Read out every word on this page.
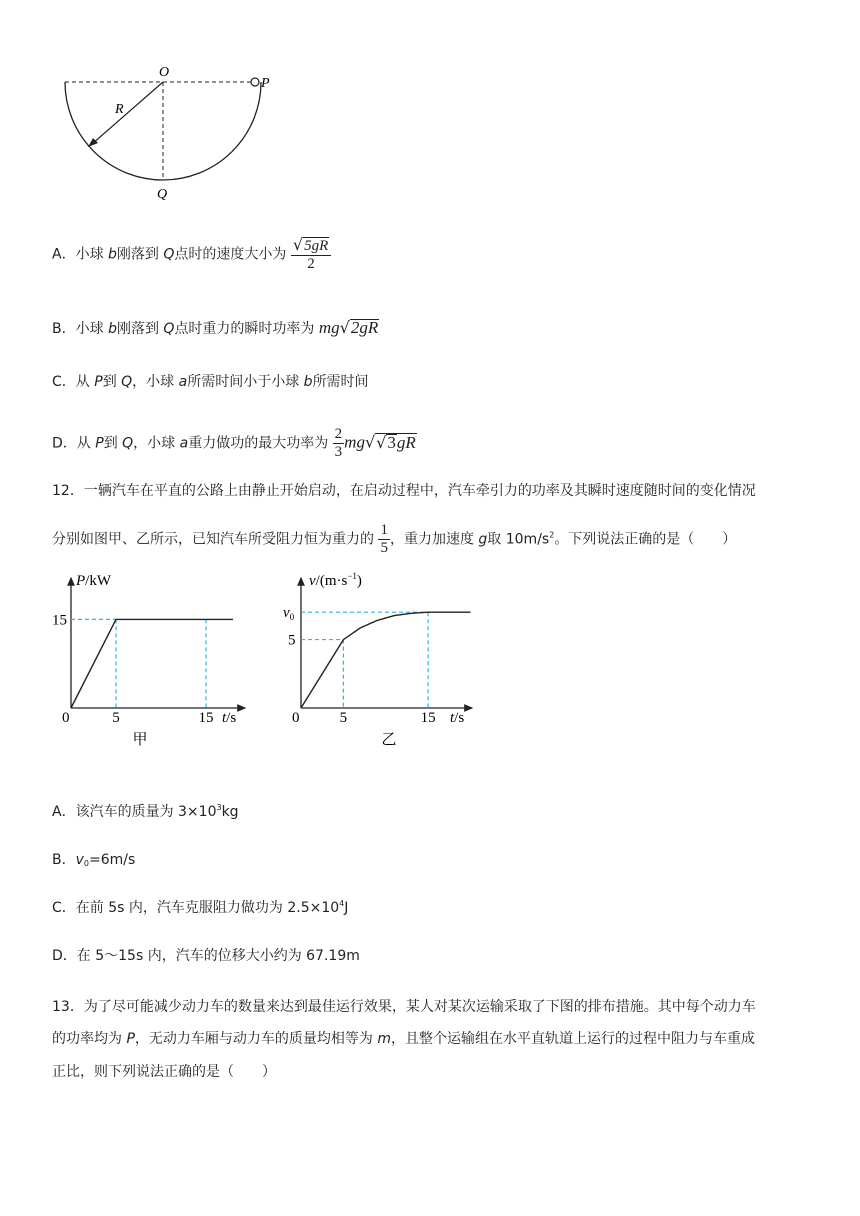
O
P
R
Q
A．小球 b刚落到 Q点时的速度大小为 $\frac{√5gR}{2}$
B．小球 b刚落到 Q点时重力的瞬时功率为 mg√2gR
C．从 P到 Q，小球 a所需时间小于小球 b所需时间
D．从 P到 Q，小球 a重力做功的最大功率为 $\frac{2}{3} mg√√3gR$
12．一辆汽车在平直的公路上由静止开始启动，在启动过程中，汽车牵引力的功率及其瞬时速度随时间的变化情况
分别如图甲、乙所示，已知汽车所受阻力恒为重力的 $\frac{1}{5}$ ，重力加速度 g取 $10m/s^2$。下列说法正确的是（　　）
P/kW
t/s
0	5	15
15
甲
$v/(m\cdot s^{-1})$
t/s
0	5	15
5
$v_0$
乙
A．该汽车的质量为 $3\times 10^3kg$
B．$v_0=6m/s$
C．在前 5s 内，汽车克服阻力做功为 $2.5\times 10^4J$
D．在 5～15s 内，汽车的位移大小约为 67.19m
13．为了尽可能减少动力车的数量来达到最佳运行效果，某人对某次运输采取了下图的排布措施。其中每个动力车
的功率均为 P，无动力车厢与动力车的质量均相等为 m，且整个运输组在水平直轨道上运行的过程中阻力与车重成
正比，则下列说法正确的是（　　）
